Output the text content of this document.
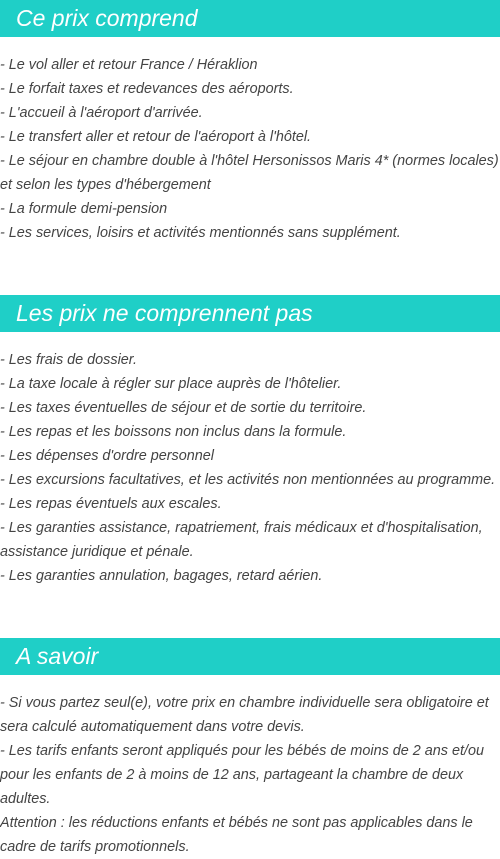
Ce prix comprend
- Le vol aller et retour France / Héraklion
- Le forfait taxes et redevances des aéroports.
- L'accueil à l'aéroport d'arrivée.
- Le transfert aller et retour de l'aéroport à l'hôtel.
- Le séjour en chambre double à l'hôtel Hersonissos Maris 4* (normes locales) et selon les types d'hébergement
- La formule demi-pension
- Les services, loisirs et activités mentionnés sans supplément.
Les prix ne comprennent pas
- Les frais de dossier.
- La taxe locale à régler sur place auprès de l'hôtelier.
- Les taxes éventuelles de séjour et de sortie du territoire.
- Les repas et les boissons non inclus dans la formule.
- Les dépenses d'ordre personnel
- Les excursions facultatives, et les activités non mentionnées au programme.
- Les repas éventuels aux escales.
- Les garanties assistance, rapatriement, frais médicaux et d'hospitalisation, assistance juridique et pénale.
- Les garanties annulation, bagages, retard aérien.
A savoir
- Si vous partez seul(e), votre prix en chambre individuelle sera obligatoire et sera calculé automatiquement dans votre devis.
- Les tarifs enfants seront appliqués pour les bébés de moins de 2 ans et/ou pour les enfants de 2 à moins de 12 ans, partageant la chambre de deux adultes.
Attention : les réductions enfants et bébés ne sont pas applicables dans le cadre de tarifs promotionnels.
